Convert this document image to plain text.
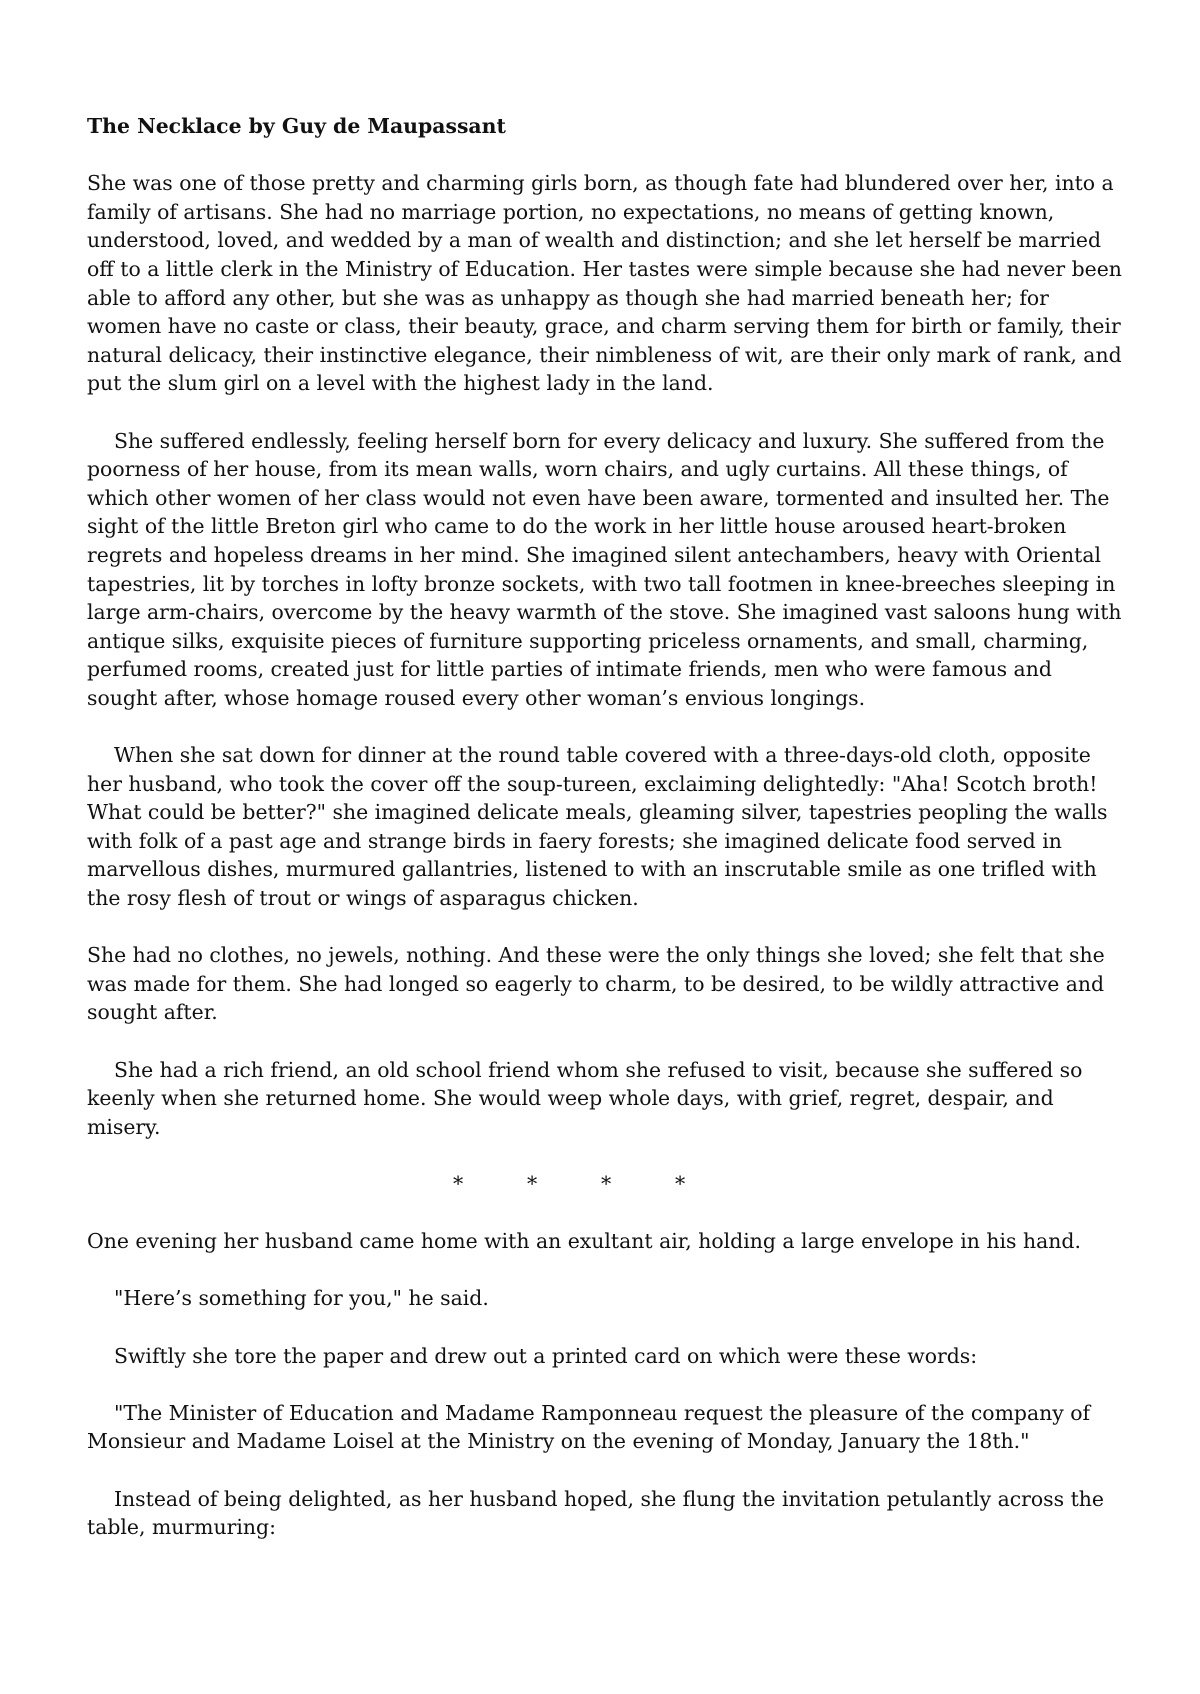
The Necklace by Guy de Maupassant

She was one of those pretty and charming girls born, as though fate had blundered over her, into a family of artisans. She had no marriage portion, no expectations, no means of getting known, understood, loved, and wedded by a man of wealth and distinction; and she let herself be married off to a little clerk in the Ministry of Education. Her tastes were simple because she had never been able to afford any other, but she was as unhappy as though she had married beneath her; for women have no caste or class, their beauty, grace, and charm serving them for birth or family, their natural delicacy, their instinctive elegance, their nimbleness of wit, are their only mark of rank, and put the slum girl on a level with the highest lady in the land.

She suffered endlessly, feeling herself born for every delicacy and luxury. She suffered from the poorness of her house, from its mean walls, worn chairs, and ugly curtains. All these things, of which other women of her class would not even have been aware, tormented and insulted her. The sight of the little Breton girl who came to do the work in her little house aroused heart-broken regrets and hopeless dreams in her mind. She imagined silent antechambers, heavy with Oriental tapestries, lit by torches in lofty bronze sockets, with two tall footmen in knee-breeches sleeping in large arm-chairs, overcome by the heavy warmth of the stove. She imagined vast saloons hung with antique silks, exquisite pieces of furniture supporting priceless ornaments, and small, charming, perfumed rooms, created just for little parties of intimate friends, men who were famous and sought after, whose homage roused every other woman’s envious longings.

When she sat down for dinner at the round table covered with a three-days-old cloth, opposite her husband, who took the cover off the soup-tureen, exclaiming delightedly: "Aha! Scotch broth! What could be better?" she imagined delicate meals, gleaming silver, tapestries peopling the walls with folk of a past age and strange birds in faery forests; she imagined delicate food served in marvellous dishes, murmured gallantries, listened to with an inscrutable smile as one trifled with the rosy flesh of trout or wings of asparagus chicken.

She had no clothes, no jewels, nothing. And these were the only things she loved; she felt that she was made for them. She had longed so eagerly to charm, to be desired, to be wildly attractive and sought after.

She had a rich friend, an old school friend whom she refused to visit, because she suffered so keenly when she returned home. She would weep whole days, with grief, regret, despair, and misery.

*	*	*	*

One evening her husband came home with an exultant air, holding a large envelope in his hand.

"Here’s something for you," he said.

Swiftly she tore the paper and drew out a printed card on which were these words:

"The Minister of Education and Madame Ramponneau request the pleasure of the company of Monsieur and Madame Loisel at the Ministry on the evening of Monday, January the 18th."

Instead of being delighted, as her husband hoped, she flung the invitation petulantly across the table, murmuring:
